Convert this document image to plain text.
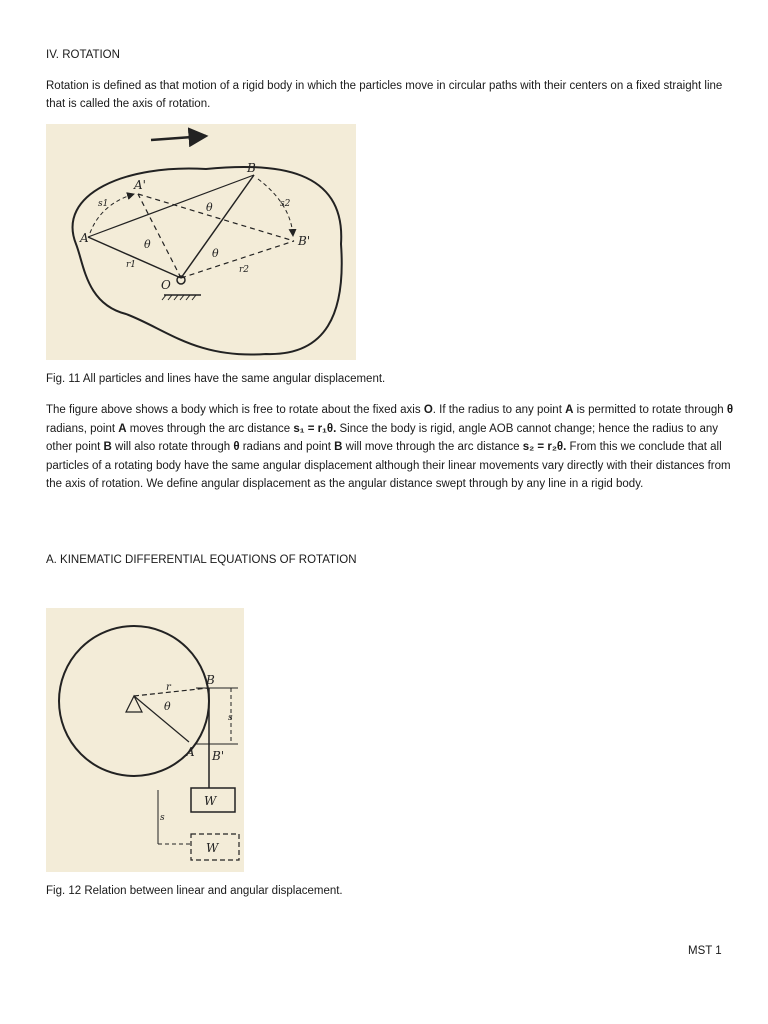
IV. ROTATION

Rotation is defined as that motion of a rigid body in which the particles move in circular paths with their centers on a fixed straight line that is called the axis of rotation.

A
A'
B
B'
O
s1	s2
r1	r2
θ
θ
θ
Fig. 11 All particles and lines have the same angular displacement.

The figure above shows a body which is free to rotate about the fixed axis O. If the radius to any point A is permitted to rotate through θ radians, point A moves through the arc distance s₁ = r₁θ. Since the body is rigid, angle AOB cannot change; hence the radius to any other point B will also rotate through θ radians and point B will move through the arc distance s₂ = r₂θ. From this we conclude that all particles of a rotating body have the same angular displacement although their linear movements vary directly with their distances from the axis of rotation. We define angular displacement as the angular distance swept through by any line in a rigid body.

A. KINEMATIC DIFFERENTIAL EQUATIONS OF ROTATION
r
B
θ
A B'
s
s
W
W
Fig. 12 Relation between linear and angular displacement.
MST 1
